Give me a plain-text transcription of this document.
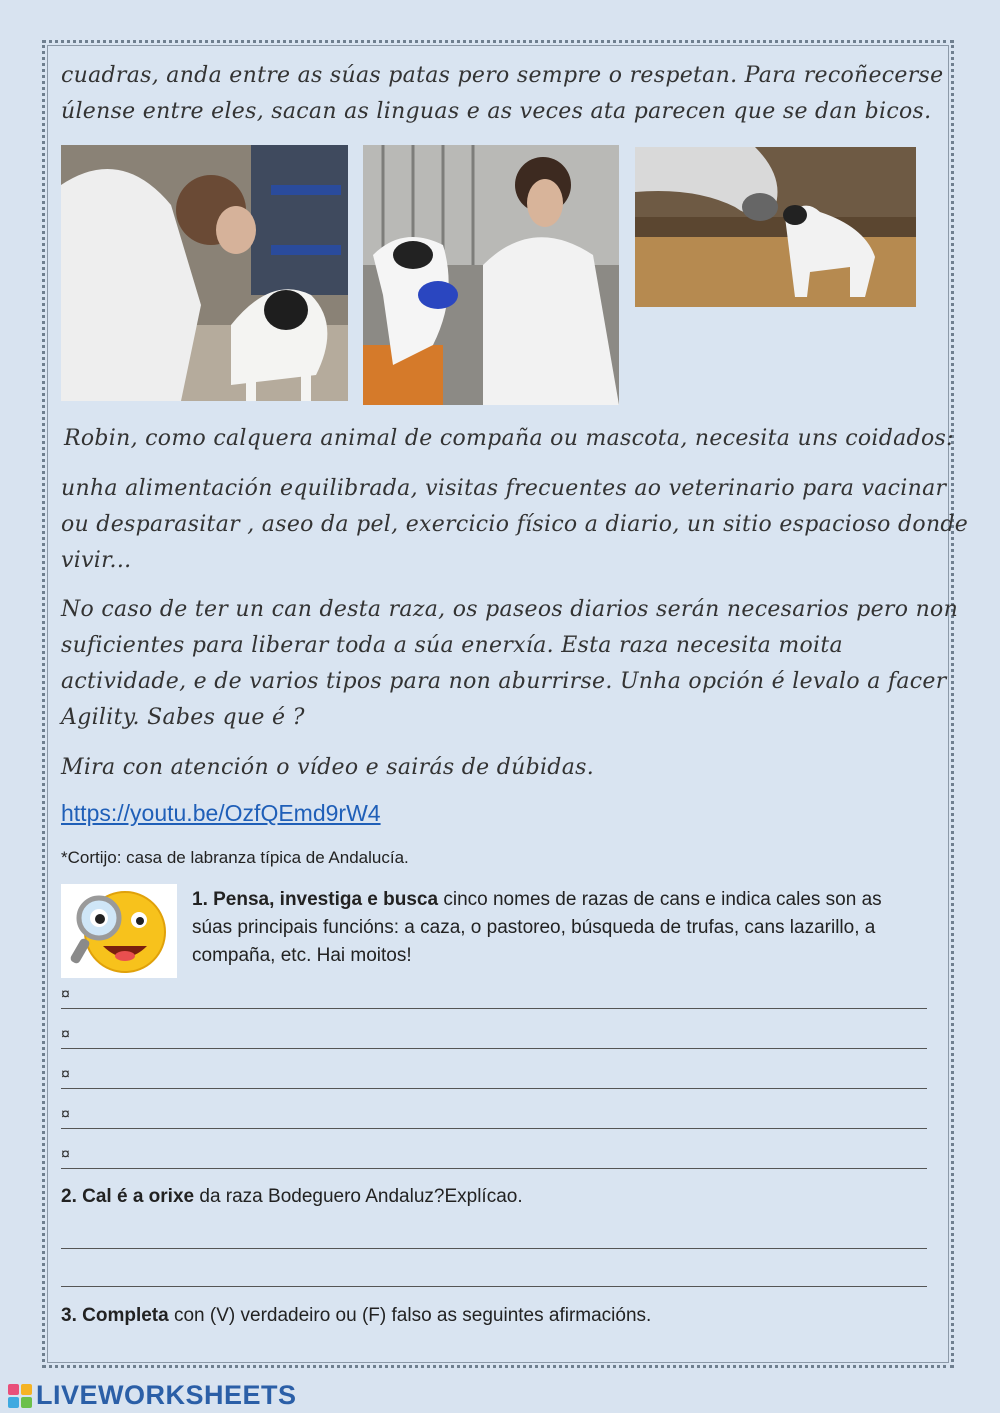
cuadras, anda entre as súas patas pero sempre o respetan. Para recoñecerse

úlense entre eles, sacan as linguas e as veces ata parecen que se dan bicos.

Robin, como calquera animal de compaña ou mascota, necesita uns coidados:

unha alimentación equilibrada, visitas frecuentes ao veterinario para vacinar

ou desparasitar , aseo da pel, exercicio físico a diario, un sitio espacioso donde

vivir...

No caso de ter un can desta raza, os paseos diarios serán necesarios pero non

suficientes para liberar toda a súa enerxía. Esta raza necesita moita

actividade, e de varios tipos para non aburrirse. Unha opción é levalo a facer

Agility. Sabes que é ?

Mira con atención o vídeo e sairás de dúbidas.

https://youtu.be/OzfQEmd9rW4
*Cortijo: casa de labranza típica de Andalucía.

1. Pensa, investiga e busca cinco nomes de razas de cans e indica cales son as súas principais funcións: a caza, o pastoreo, búsqueda de trufas, cans lazarillo, a compaña, etc. Hai moitos!

¤
¤
¤
¤
¤

2. Cal é a orixe da raza Bodeguero Andaluz?Explícao.

3. Completa con (V) verdadeiro ou (F) falso as seguintes afirmacións.

LIVEWORKSHEETS
